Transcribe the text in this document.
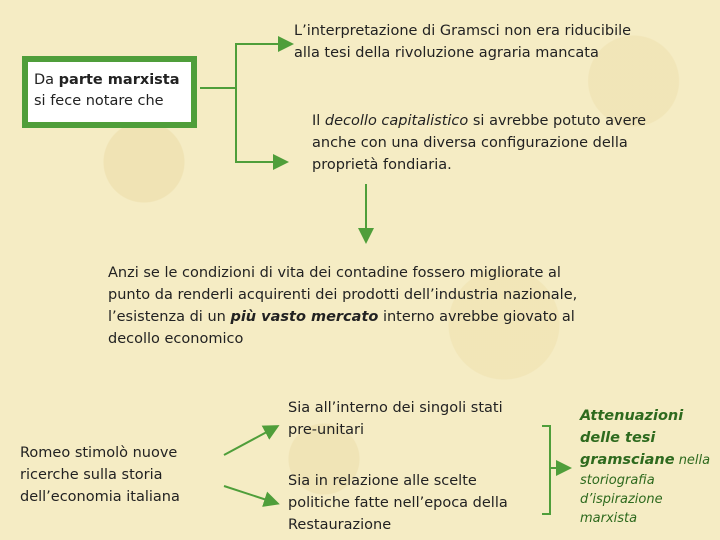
L’interpretazione di Gramsci non era riducibile alla tesi della rivoluzione agraria mancata
Da parte marxista si fece notare che
Il decollo capitalistico si avrebbe potuto avere anche con una diversa configurazione della proprietà fondiaria.
Anzi se le condizioni di vita dei contadine fossero migliorate al punto da renderli acquirenti dei prodotti dell’industria nazionale, l’esistenza di un più vasto mercato interno avrebbe giovato al decollo economico
Romeo stimolò nuove ricerche sulla storia dell’economia italiana
Sia all’interno dei singoli stati pre-unitari
Sia in relazione alle scelte politiche fatte nell’epoca della Restaurazione
Attenuazioni delle tesi gramsciane nella
storiografia d’ispirazione marxista
